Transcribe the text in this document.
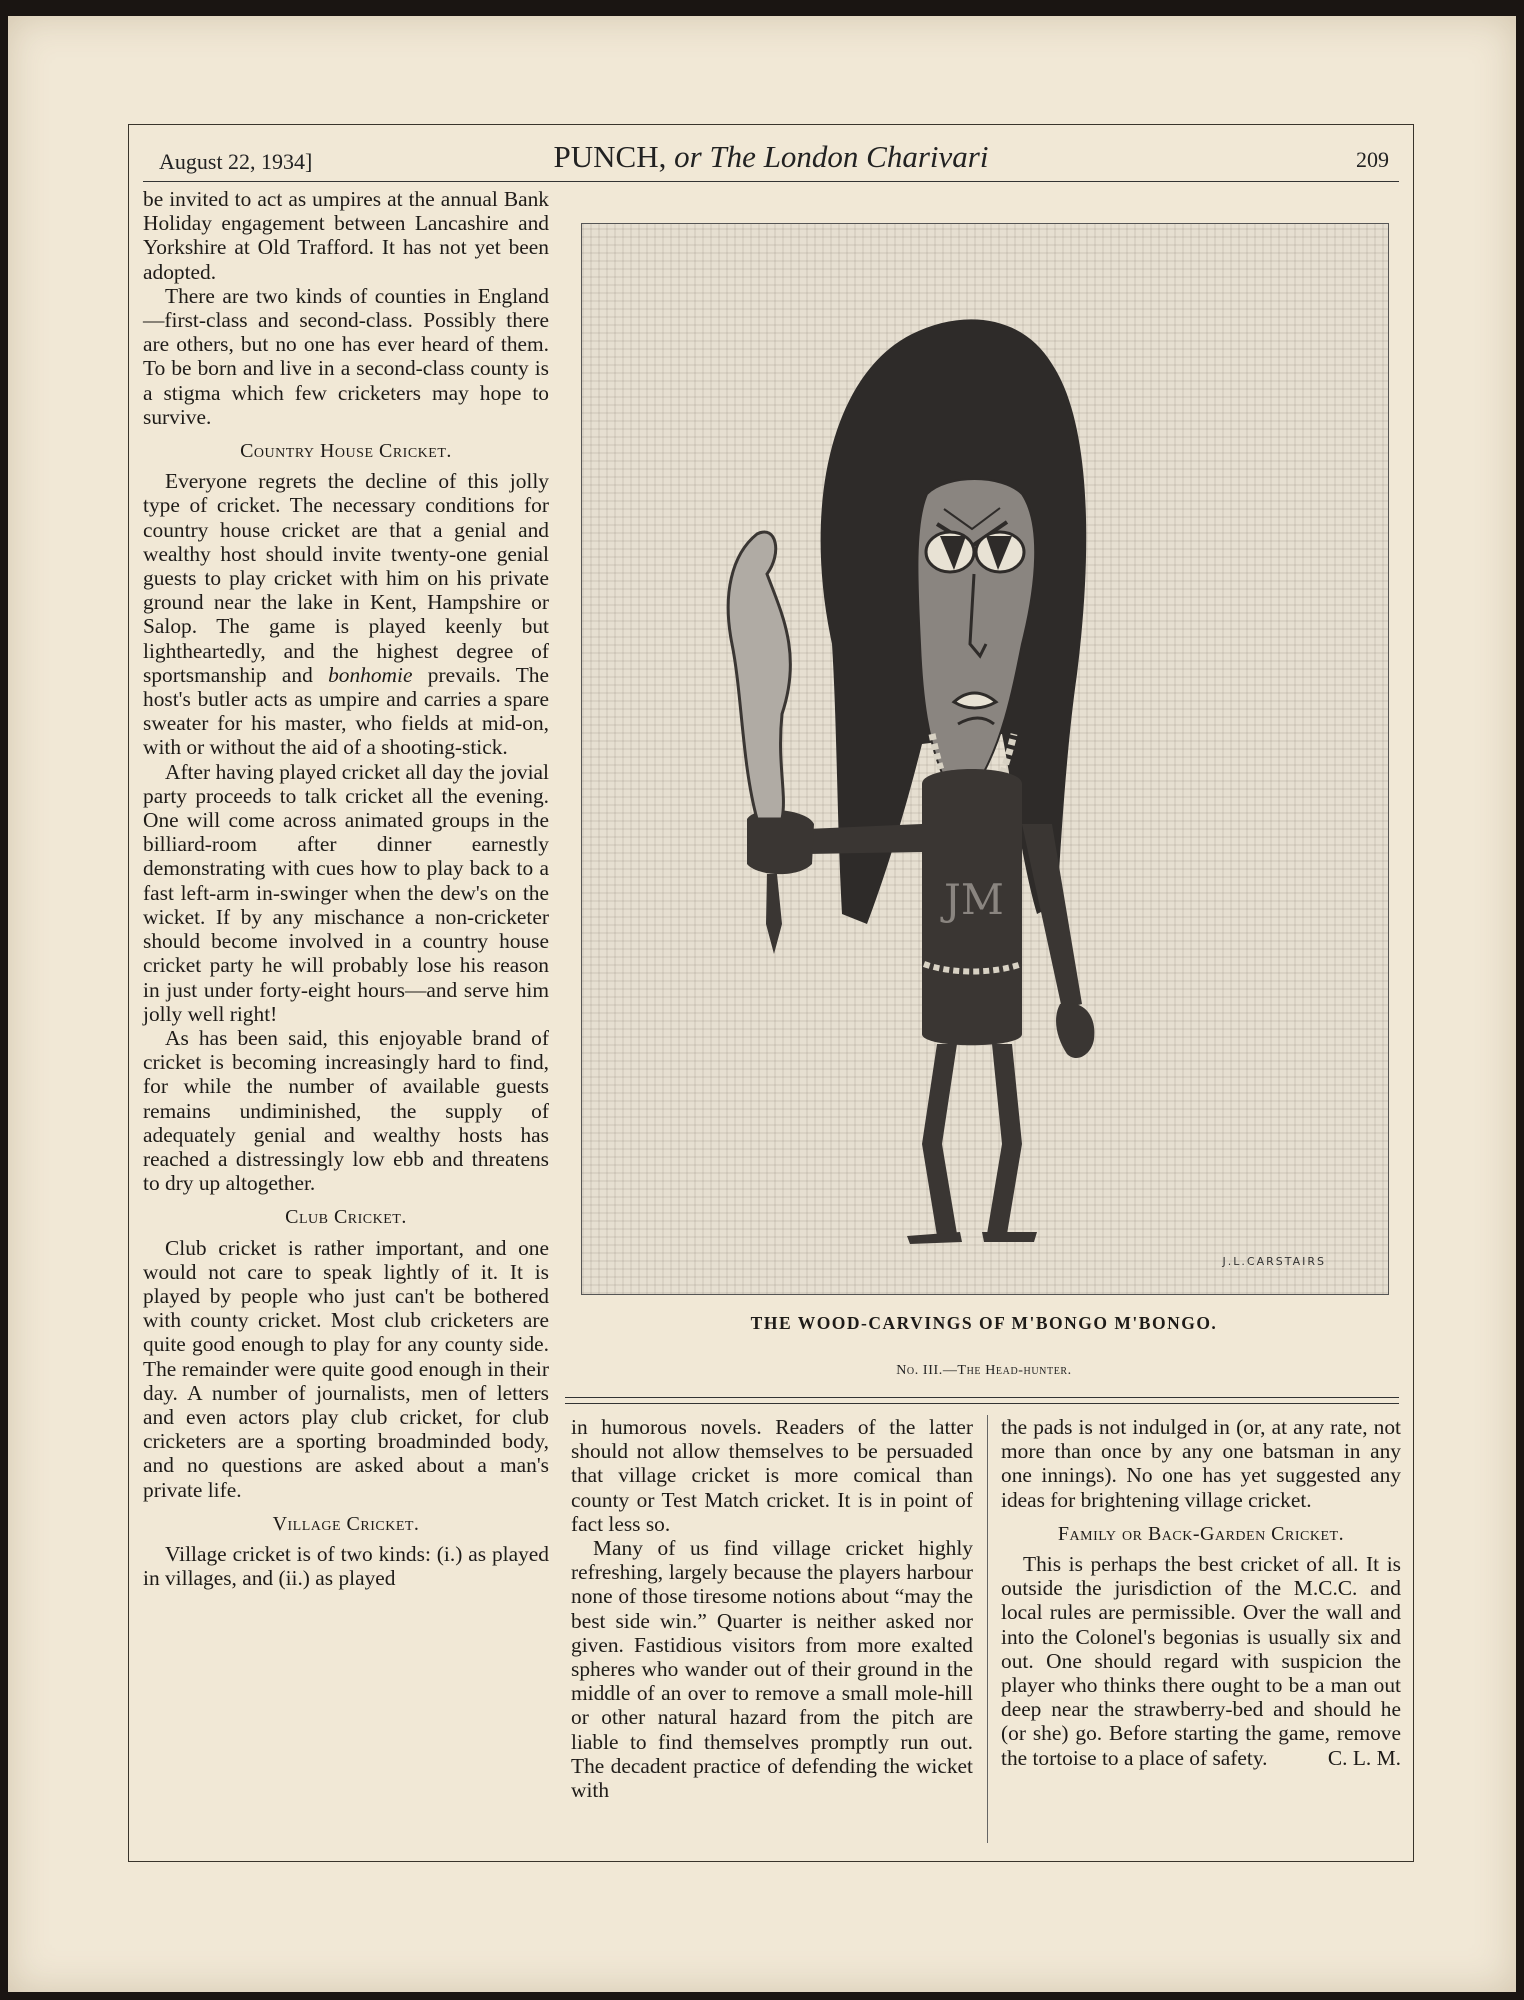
August 22, 1934]	PUNCH, or The London Charivari	209

be invited to act as umpires at the annual Bank Holiday engagement between Lancashire and Yorkshire at Old Trafford. It has not yet been adopted.

There are two kinds of counties in England—first-class and second-class. Possibly there are others, but no one has ever heard of them. To be born and live in a second-class county is a stigma which few cricketers may hope to survive.

Country House Cricket.

Everyone regrets the decline of this jolly type of cricket. The necessary conditions for country house cricket are that a genial and wealthy host should invite twenty-one genial guests to play cricket with him on his private ground near the lake in Kent, Hampshire or Salop. The game is played keenly but lightheartedly, and the highest degree of sportsmanship and bonhomie prevails. The host's butler acts as umpire and carries a spare sweater for his master, who fields at mid-on, with or without the aid of a shooting-stick.

After having played cricket all day the jovial party proceeds to talk cricket all the evening. One will come across animated groups in the billiard-room after dinner earnestly demonstrating with cues how to play back to a fast left-arm in-swinger when the dew's on the wicket. If by any mischance a non-cricketer should become involved in a country house cricket party he will probably lose his reason in just under forty-eight hours—and serve him jolly well right!

As has been said, this enjoyable brand of cricket is becoming increasingly hard to find, for while the number of available guests remains undiminished, the supply of adequately genial and wealthy hosts has reached a distressingly low ebb and threatens to dry up altogether.

Club Cricket.

Club cricket is rather important, and one would not care to speak lightly of it. It is played by people who just can't be bothered with county cricket. Most club cricketers are quite good enough to play for any county side. The remainder were quite good enough in their day. A number of journalists, men of letters and even actors play club cricket, for club cricketers are a sporting broadminded body, and no questions are asked about a man's private life.

Village Cricket.

Village cricket is of two kinds: (i.) as played in villages, and (ii.) as played

JM
J.L.CARSTAIRS
THE WOOD-CARVINGS OF M'BONGO M'BONGO.
No. III.—The Head-hunter.

in humorous novels. Readers of the latter should not allow themselves to be persuaded that village cricket is more comical than county or Test Match cricket. It is in point of fact less so.

Many of us find village cricket highly refreshing, largely because the players harbour none of those tiresome notions about “may the best side win.” Quarter is neither asked nor given. Fastidious visitors from more exalted spheres who wander out of their ground in the middle of an over to remove a small mole-hill or other natural hazard from the pitch are liable to find themselves promptly run out. The decadent practice of defending the wicket with

the pads is not indulged in (or, at any rate, not more than once by any one batsman in any one innings). No one has yet suggested any ideas for brightening village cricket.

Family or Back-Garden Cricket.

This is perhaps the best cricket of all. It is outside the jurisdiction of the M.C.C. and local rules are permissible. Over the wall and into the Colonel's begonias is usually six and out. One should regard with suspicion the player who thinks there ought to be a man out deep near the strawberry-bed and should he (or she) go. Before starting the game, remove the tortoise to a place of safety.	C. L. M.
